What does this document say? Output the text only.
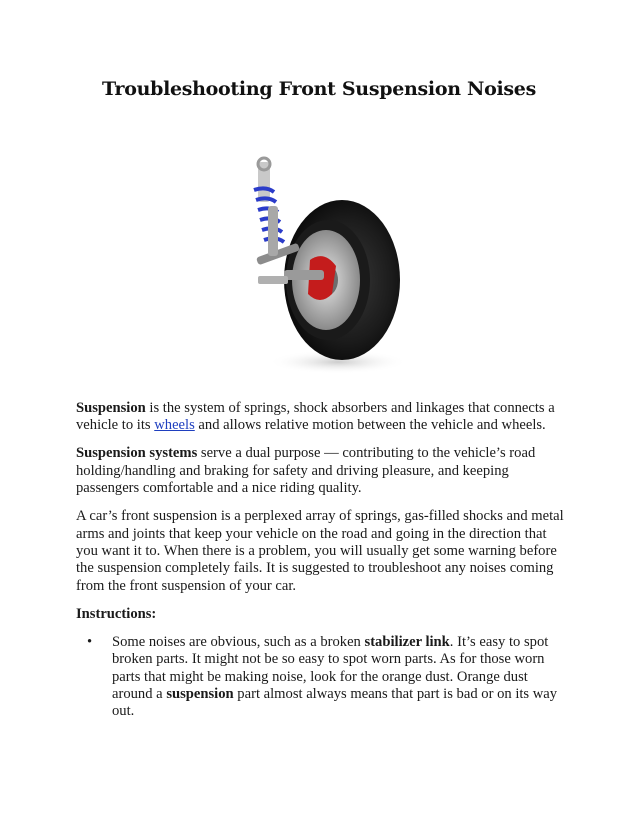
Troubleshooting Front Suspension Noises

Suspension is the system of springs, shock absorbers and linkages that connects a vehicle to its wheels and allows relative motion between the vehicle and wheels.

Suspension systems serve a dual purpose — contributing to the vehicle’s road holding/handling and braking for safety and driving pleasure, and keeping passengers comfortable and a nice riding quality.

A car’s front suspension is a perplexed array of springs, gas-filled shocks and metal arms and joints that keep your vehicle on the road and going in the direction that you want it to. When there is a problem, you will usually get some warning before the suspension completely fails. It is suggested to troubleshoot any noises coming from the front suspension of your car.

Instructions:

• Some noises are obvious, such as a broken stabilizer link. It’s easy to spot broken parts. It might not be so easy to spot worn parts. As for those worn parts that might be making noise, look for the orange dust. Orange dust around a suspension part almost always means that part is bad or on its way out.
